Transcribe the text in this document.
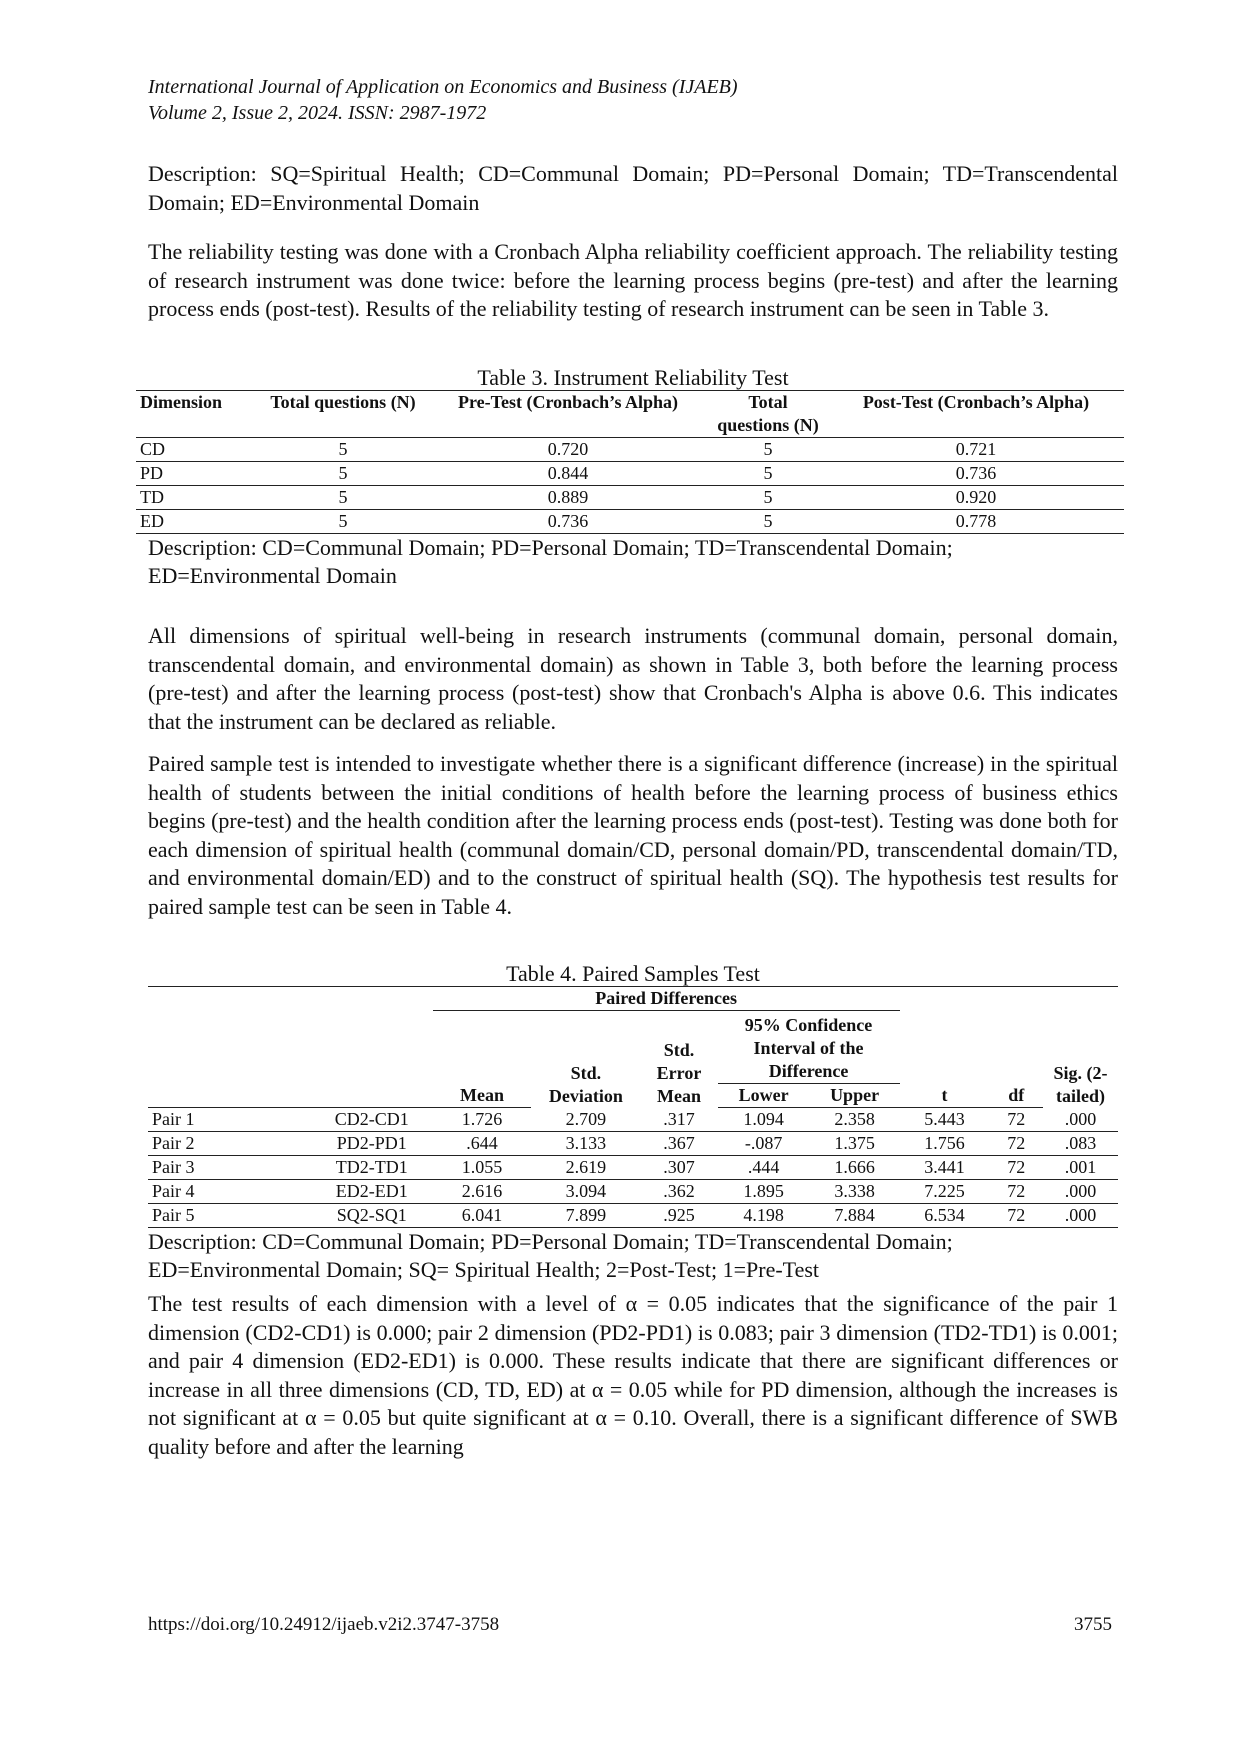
International Journal of Application on Economics and Business (IJAEB)
Volume 2, Issue 2, 2024. ISSN: 2987-1972

Description: SQ=Spiritual Health; CD=Communal Domain; PD=Personal Domain; TD=Transcendental Domain; ED=Environmental Domain

The reliability testing was done with a Cronbach Alpha reliability coefficient approach. The reliability testing of research instrument was done twice: before the learning process begins (pre-test) and after the learning process ends (post-test). Results of the reliability testing of research instrument can be seen in Table 3.

Table 3. Instrument Reliability Test

Dimension	Total questions (N)	Pre-Test (Cronbach’s Alpha)	Total questions (N)	Post-Test (Cronbach’s Alpha)
CD	5	0.720	5	0.721
PD	5	0.844	5	0.736
TD	5	0.889	5	0.920
ED	5	0.736	5	0.778

Description: CD=Communal Domain; PD=Personal Domain; TD=Transcendental Domain; ED=Environmental Domain

All dimensions of spiritual well-being in research instruments (communal domain, personal domain, transcendental domain, and environmental domain) as shown in Table 3, both before the learning process (pre-test) and after the learning process (post-test) show that Cronbach's Alpha is above 0.6. This indicates that the instrument can be declared as reliable.

Paired sample test is intended to investigate whether there is a significant difference (increase) in the spiritual health of students between the initial conditions of health before the learning process of business ethics begins (pre-test) and the health condition after the learning process ends (post-test). Testing was done both for each dimension of spiritual health (communal domain/CD, personal domain/PD, transcendental domain/TD, and environmental domain/ED) and to the construct of spiritual health (SQ). The hypothesis test results for paired sample test can be seen in Table 4.

Table 4. Paired Samples Test

		Paired Differences							
			Std. Deviation	Std. Error Mean	95% Confidence Interval of the Difference				Sig. (2-tailed)
		Mean			Lower	Upper	t	df	
Pair 1	CD2-CD1	1.726	2.709	.317	1.094	2.358	5.443	72	.000
Pair 2	PD2-PD1	.644	3.133	.367	-.087	1.375	1.756	72	.083
Pair 3	TD2-TD1	1.055	2.619	.307	.444	1.666	3.441	72	.001
Pair 4	ED2-ED1	2.616	3.094	.362	1.895	3.338	7.225	72	.000
Pair 5	SQ2-SQ1	6.041	7.899	.925	4.198	7.884	6.534	72	.000

Description: CD=Communal Domain; PD=Personal Domain; TD=Transcendental Domain; ED=Environmental Domain; SQ= Spiritual Health; 2=Post-Test; 1=Pre-Test

The test results of each dimension with a level of α = 0.05 indicates that the significance of the pair 1 dimension (CD2-CD1) is 0.000; pair 2 dimension (PD2-PD1) is 0.083; pair 3 dimension (TD2-TD1) is 0.001; and pair 4 dimension (ED2-ED1) is 0.000. These results indicate that there are significant differences or increase in all three dimensions (CD, TD, ED) at α = 0.05 while for PD dimension, although the increases is not significant at α = 0.05 but quite significant at α = 0.10. Overall, there is a significant difference of SWB quality before and after the learning

https://doi.org/10.24912/ijaeb.v2i2.3747-3758	3755
